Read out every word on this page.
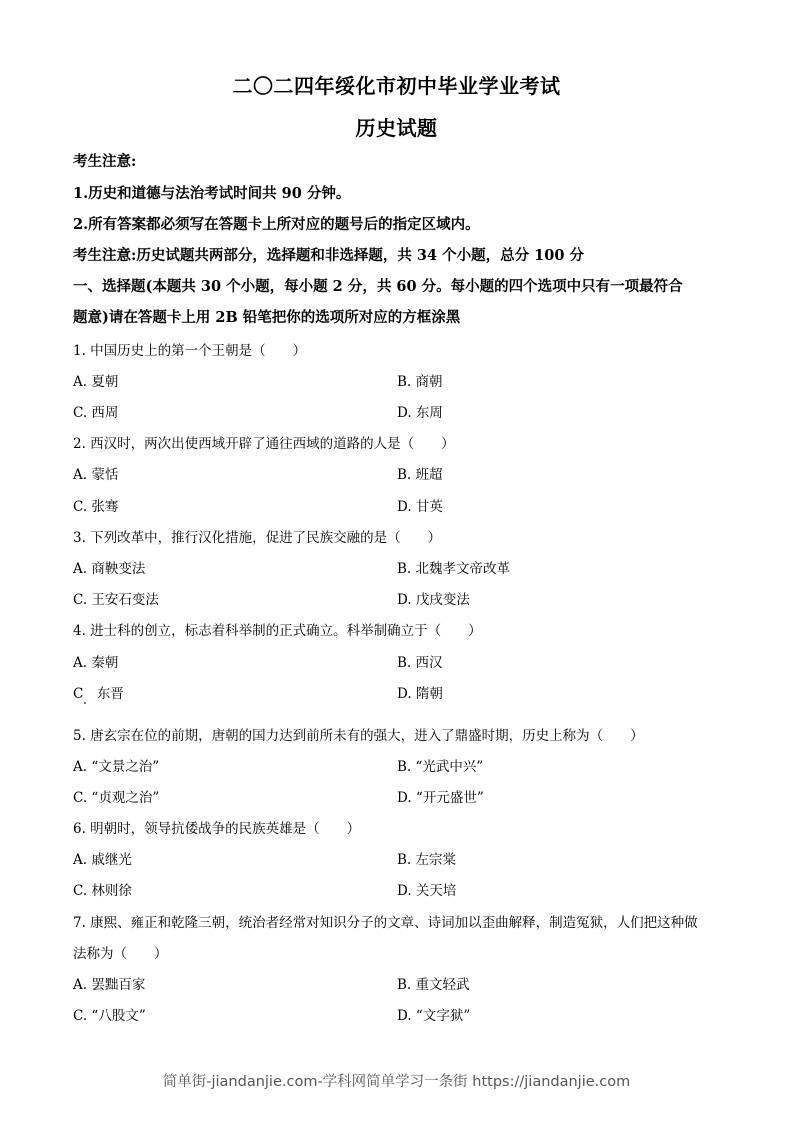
二〇二四年绥化市初中毕业学业考试
历史试题
考生注意:
1.历史和道德与法治考试时间共 90 分钟。
2.所有答案都必须写在答题卡上所对应的题号后的指定区域内。
考生注意:历史试题共两部分，选择题和非选择题，共 34 个小题，总分 100 分
一、选择题(本题共 30 个小题，每小题 2 分，共 60 分。每小题的四个选项中只有一项最符合
题意)请在答题卡上用 2B 铅笔把你的选项所对应的方框涂黑
1. 中国历史上的第一个王朝是（　　）
A. 夏朝	B. 商朝
C. 西周	D. 东周
2. 西汉时，两次出使西域开辟了通往西域的道路的人是（　　）
A. 蒙恬	B. 班超
C. 张骞	D. 甘英
3. 下列改革中，推行汉化措施，促进了民族交融的是（　　）
A. 商鞅变法	B. 北魏孝文帝改革
C. 王安石变法	D. 戊戌变法
4. 进士科的创立，标志着科举制的正式确立。科举制确立于（　　）
A. 秦朝	B. 西汉
C　东晋	D. 隋朝
5. 唐玄宗在位的前期，唐朝的国力达到前所未有的强大，进入了鼎盛时期，历史上称为（　　）
A. “文景之治”	B. “光武中兴”
C. “贞观之治”	D. “开元盛世”
6. 明朝时，领导抗倭战争的民族英雄是（　　）
A. 戚继光	B. 左宗棠
C. 林则徐	D. 关天培
7. 康熙、雍正和乾隆三朝，统治者经常对知识分子的文章、诗词加以歪曲解释，制造冤狱，人们把这种做
法称为（　　）
A. 罢黜百家	B. 重文轻武
C. “八股文”	D. “文字狱”
简单街-jiandanjie.com-学科网简单学习一条街 https://jiandanjie.com
